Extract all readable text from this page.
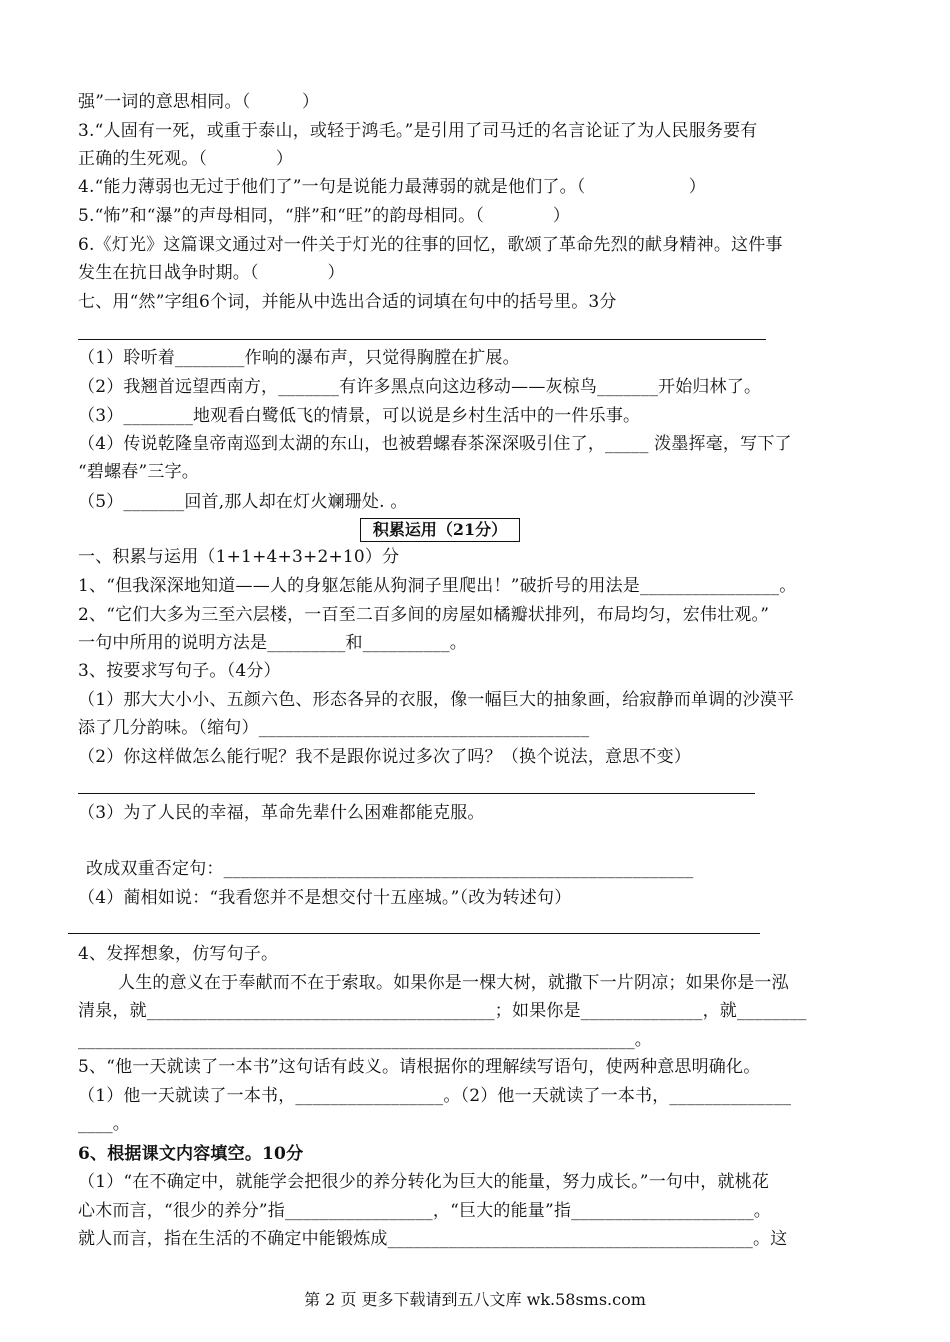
强”一词的意思相同。（　　　）
3.“人固有一死，或重于泰山，或轻于鸿毛。”是引用了司马迁的名言论证了为人民服务要有
正确的生死观。（　　　　）
4.“能力薄弱也无过于他们了”一句是说能力最薄弱的就是他们了。（　　　　　　）
5.“怖”和“瀑”的声母相同，“胖”和“旺”的韵母相同。（　　　　）
6.《灯光》这篇课文通过对一件关于灯光的往事的回忆，歌颂了革命先烈的献身精神。这件事
发生在抗日战争时期。（　　　　）
七、用“然”字组6个词，并能从中选出合适的词填在句中的括号里。3分
（1）聆听着________作响的瀑布声，只觉得胸膛在扩展。
（2）我翘首远望西南方，_______有许多黑点向这边移动——灰椋鸟_______开始归林了。
（3）________地观看白鹭低飞的情景，可以说是乡村生活中的一件乐事。
（4）传说乾隆皇帝南巡到太湖的东山，也被碧螺春茶深深吸引住了，_____ 泼墨挥毫，写下了
“碧螺春”三字。
（5）_______回首,那人却在灯火斓珊处. 。
积累运用（21分）
一、积累与运用（1+1+4+3+2+10）分
1、“但我深深地知道——人的身躯怎能从狗洞子里爬出！”破折号的用法是________________。
2、“它们大多为三至六层楼，一百至二百多间的房屋如橘瓣状排列，布局均匀，宏伟壮观。”
一句中所用的说明方法是_________和__________。
3、按要求写句子。（4分）
（1）那大大小小、五颜六色、形态各异的衣服，像一幅巨大的抽象画，给寂静而单调的沙漠平
添了几分韵味。（缩句）______________________________________
（2）你这样做怎么能行呢？我不是跟你说过多次了吗？（换个说法，意思不变）
（3）为了人民的幸福，革命先辈什么困难都能克服。
改成双重否定句：______________________________________________________
（4）蔺相如说：“我看您并不是想交付十五座城。”（改为转述句）
4、发挥想象，仿写句子。
人生的意义在于奉献而不在于索取。如果你是一棵大树，就撒下一片阴凉；如果你是一泓
清泉，就________________________________________；如果你是______________，就________
________________________________________________________________。
5、“他一天就读了一本书”这句话有歧义。请根据你的理解续写语句，使两种意思明确化。
（1）他一天就读了一本书，_________________。（2）他一天就读了一本书，______________
____。
6、根据课文内容填空。10分
（1）“在不确定中，就能学会把很少的养分转化为巨大的能量，努力成长。”一句中，就桃花
心木而言，“很少的养分”指_________________，“巨大的能量”指_____________________。
就人而言，指在生活的不确定中能锻炼成__________________________________________。这
第 2 页 更多下载请到五八文库 wk.58sms.com
